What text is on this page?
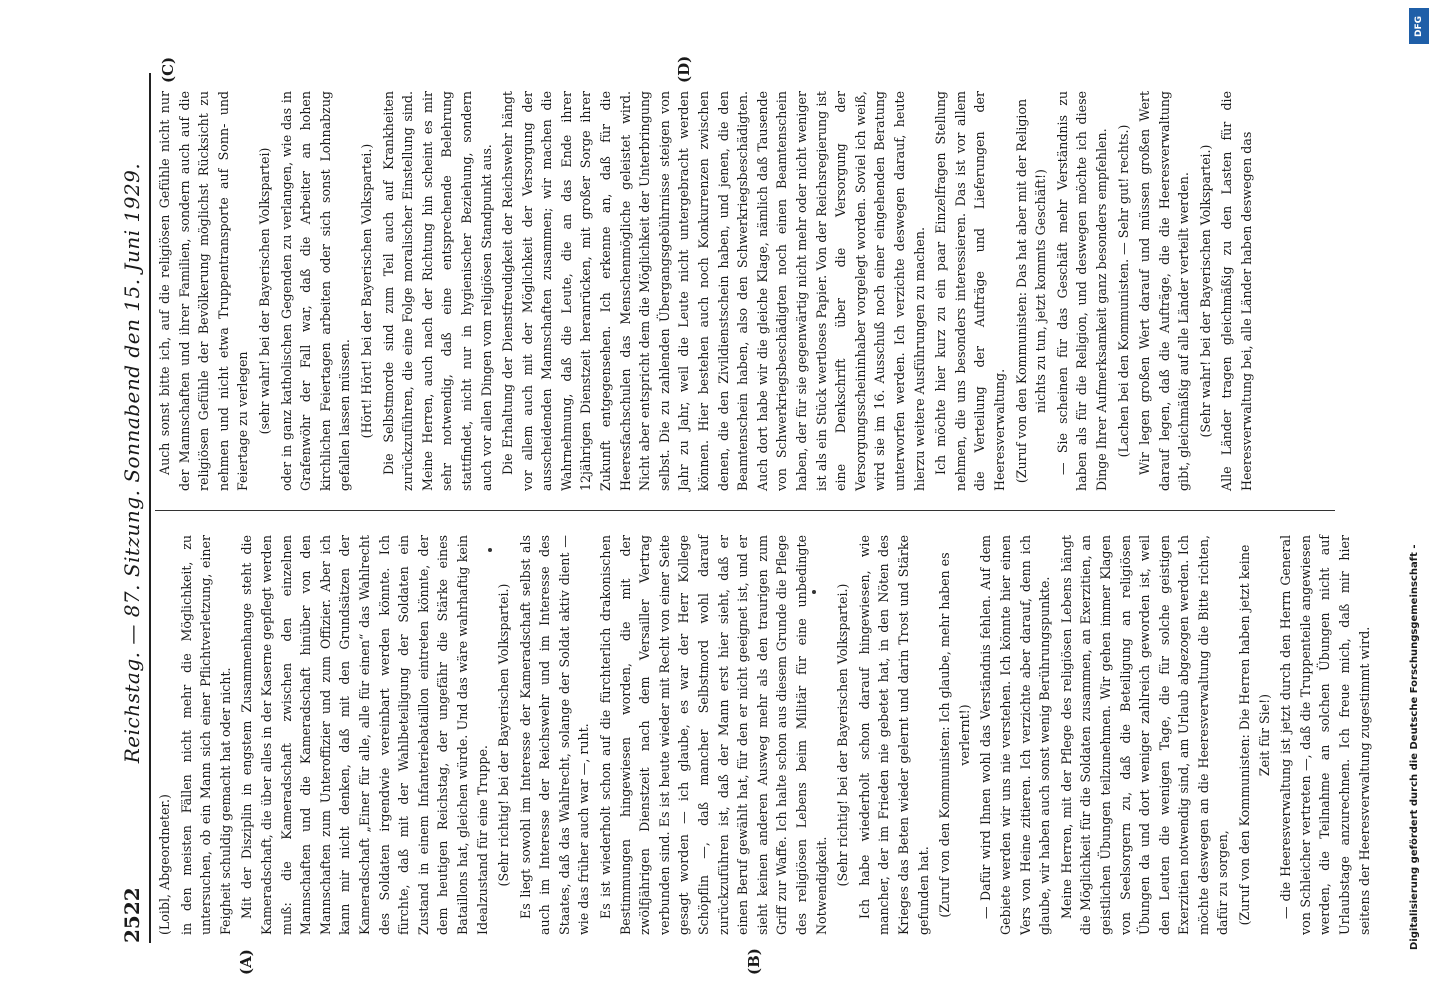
2522
Reichstag. — 87. Sitzung. Sonnabend den 15. Juni 1929.
(A)	(B)
(C)	(D)

(Loibl, Abgeordneter.) in den meisten Fällen nicht mehr die Möglichkeit, zu untersuchen, ob ein Mann sich einer Pflichtverletzung, einer Feigheit schuldig gemacht hat oder nicht. Mit der Disziplin in engstem Zusammenhange steht die Kameradschaft, die über alles in der Kaserne gepflegt werden muß: die Kameradschaft zwischen den einzelnen Mannschaften und die Kameradschaft hinüber von den Mannschaften zum Unteroffizier und zum Offizier. Aber ich kann mir nicht denken, daß mit den Grundsätzen der Kameradschaft „Einer für alle, alle für einen“ das Wahlrecht des Soldaten irgendwie vereinbart werden könnte. Ich fürchte, daß mit der Wahlbeteiligung der Soldaten ein Zustand in einem Infanteriebataillon eintreten könnte, der dem heutigen Reichstag, der ungefähr die Stärke eines Bataillons hat, gleichen würde. Und das wäre wahrhaftig kein Idealzustand für eine Truppe. (Sehr richtig! bei der Bayerischen Volkspartei.) Es liegt sowohl im Interesse der Kameradschaft selbst als auch im Interesse der Reichswehr und im Interesse des Staates, daß das Wahlrecht, solange der Soldat aktiv dient — wie das früher auch war —, ruht. Es ist wiederholt schon auf die fürchterlich drakonischen Bestimmungen hingewiesen worden, die mit der zwölfjährigen Dienstzeit nach dem Versailler Vertrag verbunden sind. Es ist heute wieder mit Recht von einer Seite gesagt worden — ich glaube, es war der Herr Kollege Schöpflin —, daß mancher Selbstmord wohl darauf zurückzuführen ist, daß der Mann erst hier sieht, daß er einen Beruf gewählt hat, für den er nicht geeignet ist, und er sieht keinen anderen Ausweg mehr als den traurigen zum Griff zur Waffe. Ich halte schon aus diesem Grunde die Pflege des religiösen Lebens beim Militär für eine unbedingte Notwendigkeit. (Sehr richtig! bei der Bayerischen Volkspartei.) Ich habe wiederholt schon darauf hingewiesen, wie mancher, der im Frieden nie gebetet hat, in den Nöten des Krieges das Beten wieder gelernt und darin Trost und Stärke gefunden hat. (Zuruf von den Kommunisten: Ich glaube, mehr haben es verlernt!) — Dafür wird Ihnen wohl das Verständnis fehlen. Auf dem Gebiete werden wir uns nie verstehen. Ich könnte hier einen Vers von Heine zitieren. Ich verzichte aber darauf, denn ich glaube, wir haben auch sonst wenig Berührungspunkte. Meine Herren, mit der Pflege des religiösen Lebens hängt die Möglichkeit für die Soldaten zusammen, an Exerzitien, an geistlichen Übungen teilzunehmen. Wir gehen immer Klagen von Seelsorgern zu, daß die Beteiligung an religiösen Übungen da und dort weniger zahlreich geworden ist, weil den Leuten die wenigen Tage, die für solche geistigen Exerzitien notwendig sind, am Urlaub abgezogen werden. Ich möchte deswegen an die Heeresverwaltung die Bitte richten, dafür zu sorgen, (Zuruf von den Kommunisten: Die Herren haben jetzt keine Zeit für Sie!) — die Heeresverwaltung ist jetzt durch den Herrn General von Schleicher vertreten —, daß die Truppenteile angewiesen werden, die Teilnahme an solchen Übungen nicht auf Urlaubstage anzurechnen. Ich freue mich, daß mir hier seitens der Heeresverwaltung zugestimmt wird.

Auch sonst bitte ich, auf die religiösen Gefühle nicht nur der Mannschaften und ihrer Familien, sondern auch auf die religiösen Gefühle der Bevölkerung möglichst Rücksicht zu nehmen und nicht etwa Truppentransporte auf Sonn- und Feiertage zu verlegen (sehr wahr! bei der Bayerischen Volkspartei) oder in ganz katholischen Gegenden zu verlangen, wie das in Grafenwöhr der Fall war, daß die Arbeiter an hohen kirchlichen Feiertagen arbeiten oder sich sonst Lohnabzug gefallen lassen müssen. (Hört! Hört! bei der Bayerischen Volkspartei.) Die Selbstmorde sind zum Teil auch auf Krankheiten zurückzuführen, die eine Folge moralischer Einstellung sind. Meine Herren, auch nach der Richtung hin scheint es mir sehr notwendig, daß eine entsprechende Belehrung stattfindet, nicht nur in hygienischer Beziehung, sondern auch vor allen Dingen vom religiösen Standpunkt aus. Die Erhaltung der Dienstfreudigkeit der Reichswehr hängt vor allem auch mit der Möglichkeit der Versorgung der ausscheidenden Mannschaften zusammen; wir machen die Wahrnehmung, daß die Leute, die an das Ende ihrer 12jährigen Dienstzeit heranrücken, mit großer Sorge ihrer Zukunft entgegensehen. Ich erkenne an, daß für die Heeresfachschulen das Menschenmögliche geleistet wird. Nicht aber entspricht dem die Möglichkeit der Unterbringung selbst. Die zu zahlenden Übergangsgebührnisse steigen von Jahr zu Jahr, weil die Leute nicht untergebracht werden können. Hier bestehen auch noch Konkurrenzen zwischen denen, die den Zivildienstschein haben, und jenen, die den Beamtenschein haben, also den Schwerkriegsbeschädigten. Auch dort habe wir die gleiche Klage, nämlich daß Tausende von Schwerkriegsbeschädigten noch einen Beamtenschein haben, der für sie gegenwärtig nicht mehr oder nicht weniger ist als ein Stück wertloses Papier. Von der Reichsregierung ist eine Denkschrift über die Versorgung der Versorgungsscheininhaber vorgelegt worden. Soviel ich weiß, wird sie im 16. Ausschuß noch einer eingehenden Beratung unterworfen werden. Ich verzichte deswegen darauf, heute hierzu weitere Ausführungen zu machen. Ich möchte hier kurz zu ein paar Einzelfragen Stellung nehmen, die uns besonders interessieren. Das ist vor allem die Verteilung der Aufträge und Lieferungen der Heeresverwaltung. (Zuruf von den Kommunisten: Das hat aber mit der Religion nichts zu tun, jetzt kommts Geschäft!) — Sie scheinen für das Geschäft mehr Verständnis zu haben als für die Religion, und deswegen möchte ich diese Dinge Ihrer Aufmerksamkeit ganz besonders empfehlen. (Lachen bei den Kommunisten. — Sehr gut! rechts.) Wir legen großen Wert darauf und müssen großen Wert darauf legen, daß die Aufträge, die die Heeresverwaltung gibt, gleichmäßig auf alle Länder verteilt werden. (Sehr wahr! bei der Bayerischen Volkspartei.) Alle Länder tragen gleichmäßig zu den Lasten für die Heeresverwaltung bei, alle Länder haben deswegen das

DFG
Digitalisierung gefördert durch die Deutsche Forschungsgemeinschaft -
